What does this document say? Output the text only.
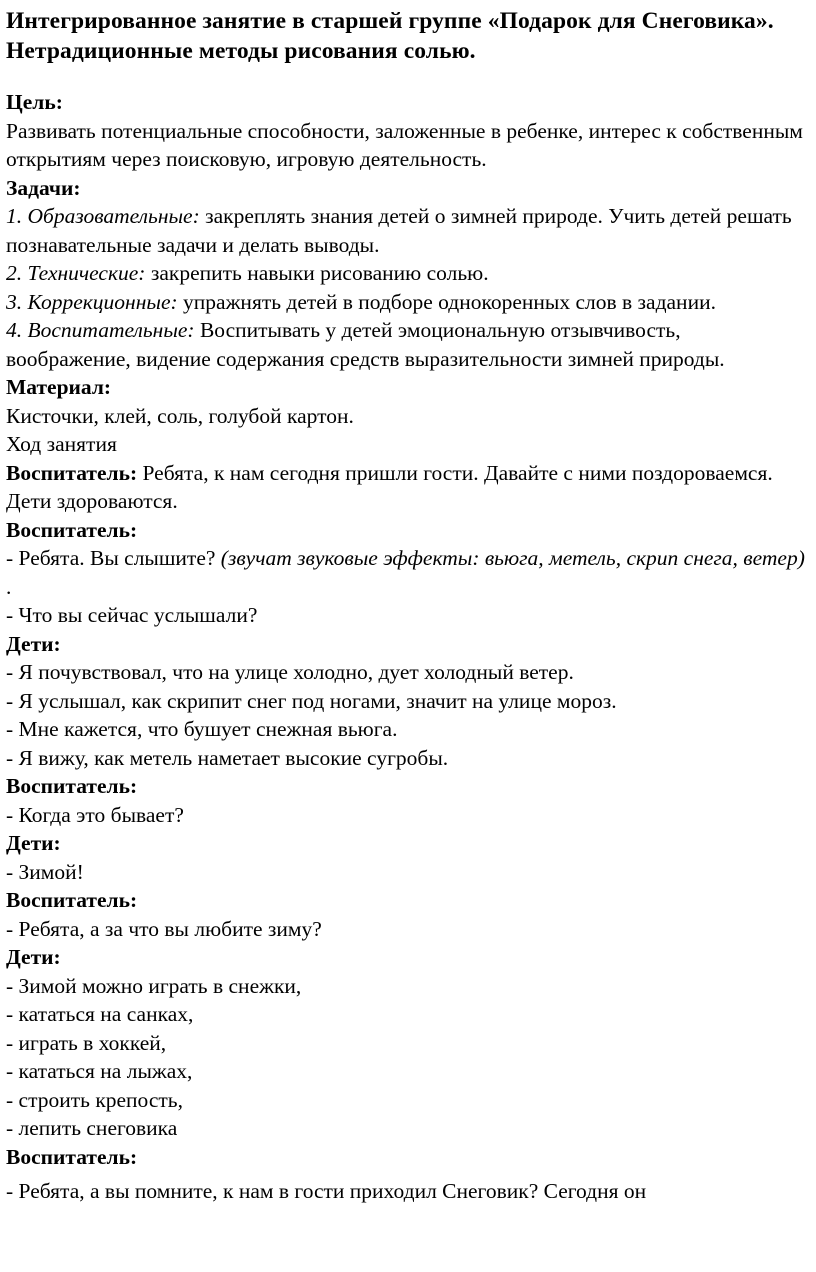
Интегрированное занятие в старшей группе «Подарок для Снеговика». Нетрадиционные методы рисования солью.

Цель:

Развивать потенциальные способности, заложенные в ребенке, интерес к собственным открытиям через поисковую, игровую деятельность.

Задачи:

1. Образовательные: закреплять знания детей о зимней природе. Учить детей решать познавательные задачи и делать выводы.

2. Технические: закрепить навыки рисованию солью.

3. Коррекционные: упражнять детей в подборе однокоренных слов в задании.

4. Воспитательные: Воспитывать у детей эмоциональную отзывчивость, воображение, видение содержания средств выразительности зимней природы.

Материал:

Кисточки, клей, соль, голубой картон.

Ход занятия

Воспитатель: Ребята, к нам сегодня пришли гости. Давайте с ними поздороваемся.

Дети здороваются.

Воспитатель:

- Ребята. Вы слышите? (звучат звуковые эффекты: вьюга, метель, скрип снега, ветер) .

- Что вы сейчас услышали?

Дети:

- Я почувствовал, что на улице холодно, дует холодный ветер.

- Я услышал, как скрипит снег под ногами, значит на улице мороз.

- Мне кажется, что бушует снежная вьюга.

- Я вижу, как метель наметает высокие сугробы.

Воспитатель:

- Когда это бывает?

Дети:

- Зимой!

Воспитатель:

- Ребята, а за что вы любите зиму?

Дети:

- Зимой можно играть в снежки,

- кататься на санках,

- играть в хоккей,

- кататься на лыжах,

- строить крепость,

- лепить снеговика

Воспитатель:

- Ребята, а вы помните, к нам в гости приходил Снеговик? Сегодня он
